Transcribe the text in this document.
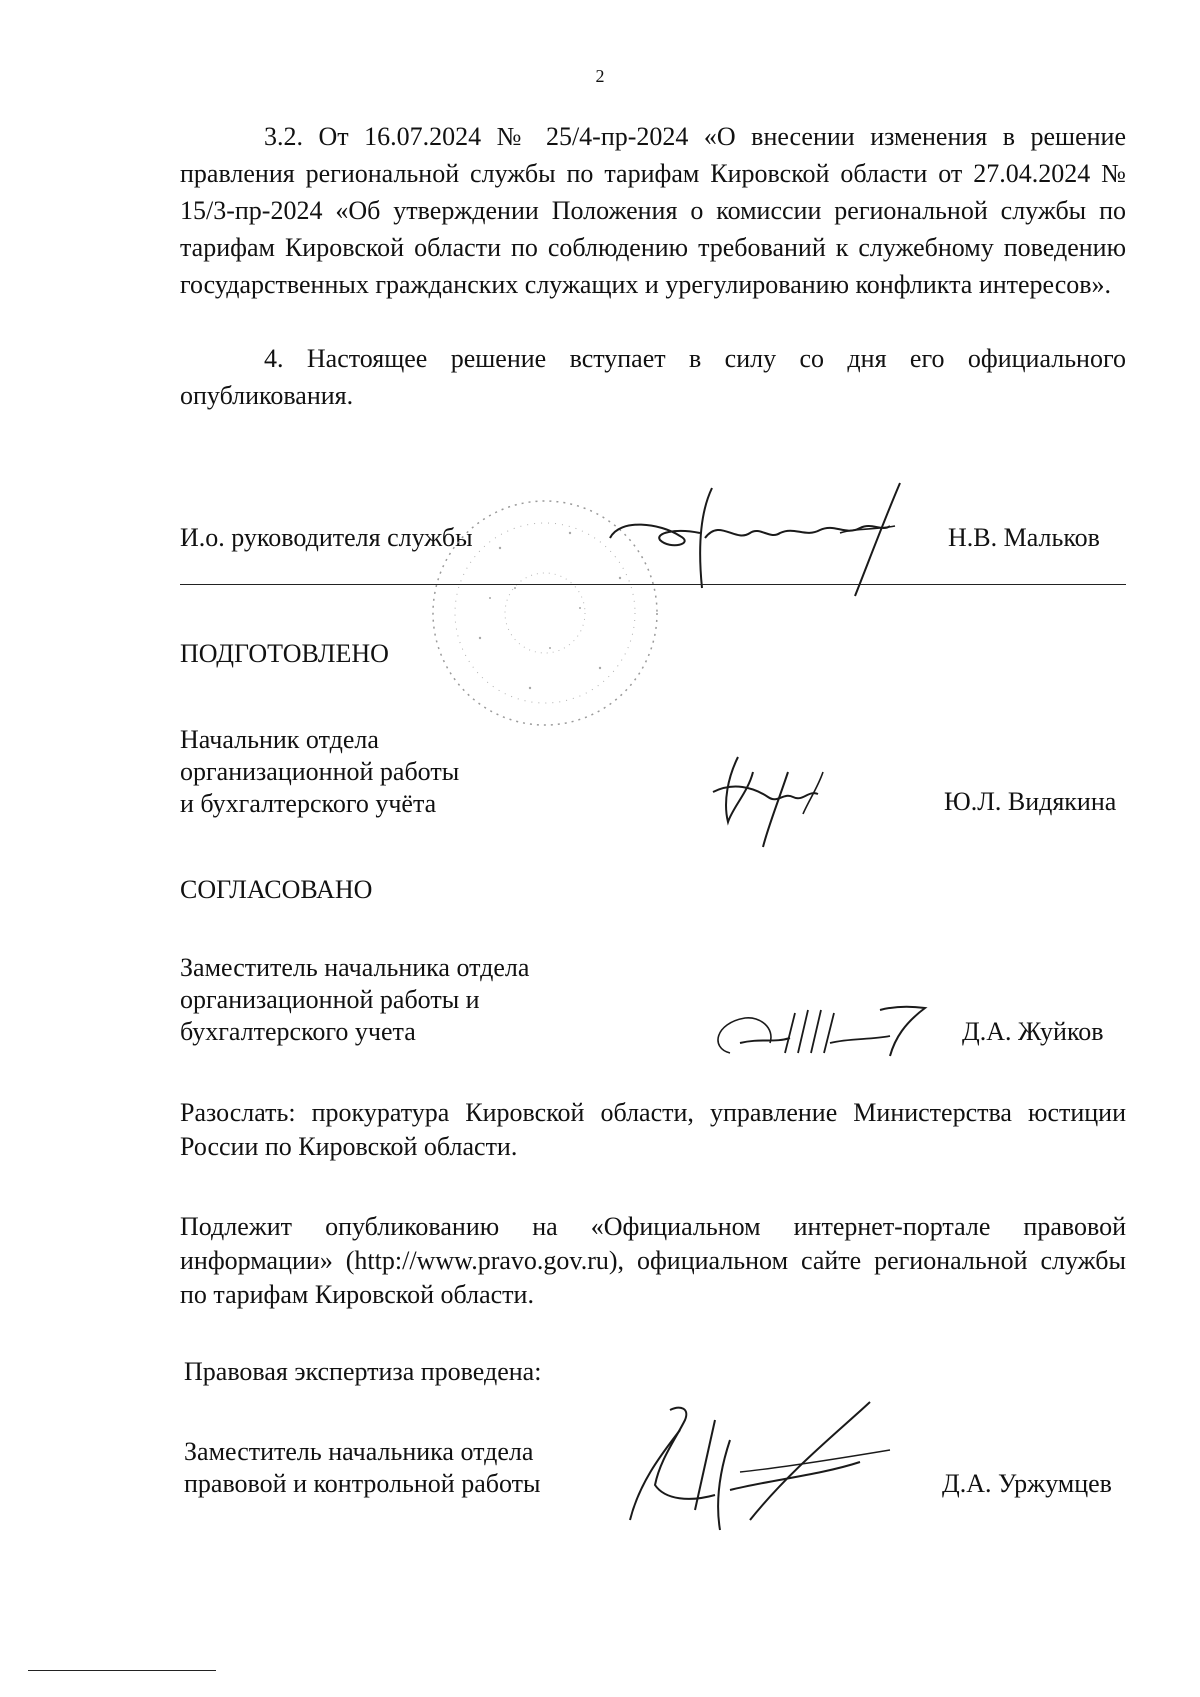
2
3.2. От 16.07.2024 № 25/4-пр-2024 «О внесении изменения в решение правления региональной службы по тарифам Кировской области от 27.04.2024 № 15/3-пр-2024 «Об утверждении Положения о комиссии региональной службы по тарифам Кировской области по соблюдению требований к служебному поведению государственных гражданских служащих и урегулированию конфликта интересов».
4. Настоящее решение вступает в силу со дня его официального опубликования.
И.о. руководителя службы	Н.В. Мальков
ПОДГОТОВЛЕНО
Начальник отдела
организационной работы
и бухгалтерского учёта	Ю.Л. Видякина
СОГЛАСОВАНО
Заместитель начальника отдела
организационной работы и
бухгалтерского учета	Д.А. Жуйков
Разослать: прокуратура Кировской области, управление Министерства юстиции России по Кировской области.
Подлежит опубликованию на «Официальном интернет-портале правовой информации» (http://www.pravo.gov.ru), официальном сайте региональной службы по тарифам Кировской области.
Правовая экспертиза проведена:
Заместитель начальника отдела
правовой и контрольной работы	Д.А. Уржумцев
